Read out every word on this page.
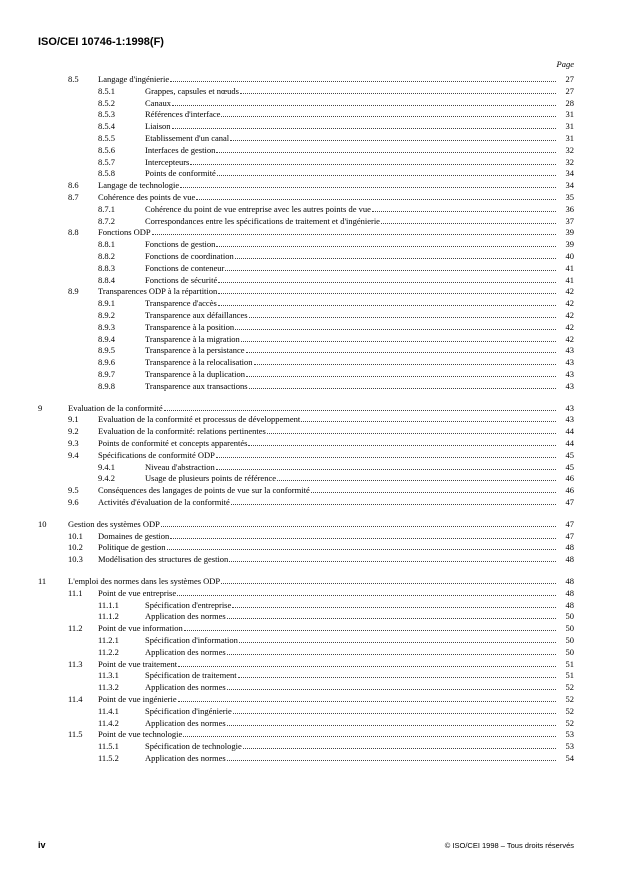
ISO/CEI 10746-1:1998(F)
Page
8.5 Langage d'ingénierie	27
8.5.1	Grappes, capsules et nœuds	27
8.5.2	Canaux	28
8.5.3	Références d'interface	31
8.5.4	Liaison	31
8.5.5	Etablissement d'un canal	31
8.5.6	Interfaces de gestion	32
8.5.7	Intercepteurs	32
8.5.8	Points de conformité	34
8.6 Langage de technologie	34
8.7 Cohérence des points de vue	35
8.7.1	Cohérence du point de vue entreprise avec les autres points de vue	36
8.7.2	Correspondances entre les spécifications de traitement et d'ingénierie	37
8.8 Fonctions ODP	39
8.8.1	Fonctions de gestion	39
8.8.2	Fonctions de coordination	40
8.8.3	Fonctions de conteneur	41
8.8.4	Fonctions de sécurité	41
8.9 Transparences ODP à la répartition	42
8.9.1	Transparence d'accès	42
8.9.2	Transparence aux défaillances	42
8.9.3	Transparence à la position	42
8.9.4	Transparence à la migration	42
8.9.5	Transparence à la persistance	43
8.9.6	Transparence à la relocalisation	43
8.9.7	Transparence à la duplication	43
8.9.8	Transparence aux transactions	43
9	Evaluation de la conformité	43
9.1 Evaluation de la conformité et processus de développement	43
9.2 Evaluation de la conformité: relations pertinentes	44
9.3 Points de conformité et concepts apparentés	44
9.4 Spécifications de conformité ODP	45
9.4.1	Niveau d'abstraction	45
9.4.2	Usage de plusieurs points de référence	46
9.5 Conséquences des langages de points de vue sur la conformité	46
9.6 Activités d'évaluation de la conformité	47
10	Gestion des systèmes ODP	47
10.1 Domaines de gestion	47
10.2 Politique de gestion	48
10.3 Modélisation des structures de gestion	48
11	L'emploi des normes dans les systèmes ODP	48
11.1 Point de vue entreprise	48
11.1.1	Spécification d'entreprise	48
11.1.2	Application des normes	50
11.2 Point de vue information	50
11.2.1	Spécification d'information	50
11.2.2	Application des normes	50
11.3 Point de vue traitement	51
11.3.1	Spécification de traitement	51
11.3.2	Application des normes	52
11.4 Point de vue ingénierie	52
11.4.1	Spécification d'ingénierie	52
11.4.2	Application des normes	52
11.5 Point de vue technologie	53
11.5.1	Spécification de technologie	53
11.5.2	Application des normes	54
iv	© ISO/CEI 1998 – Tous droits réservés
